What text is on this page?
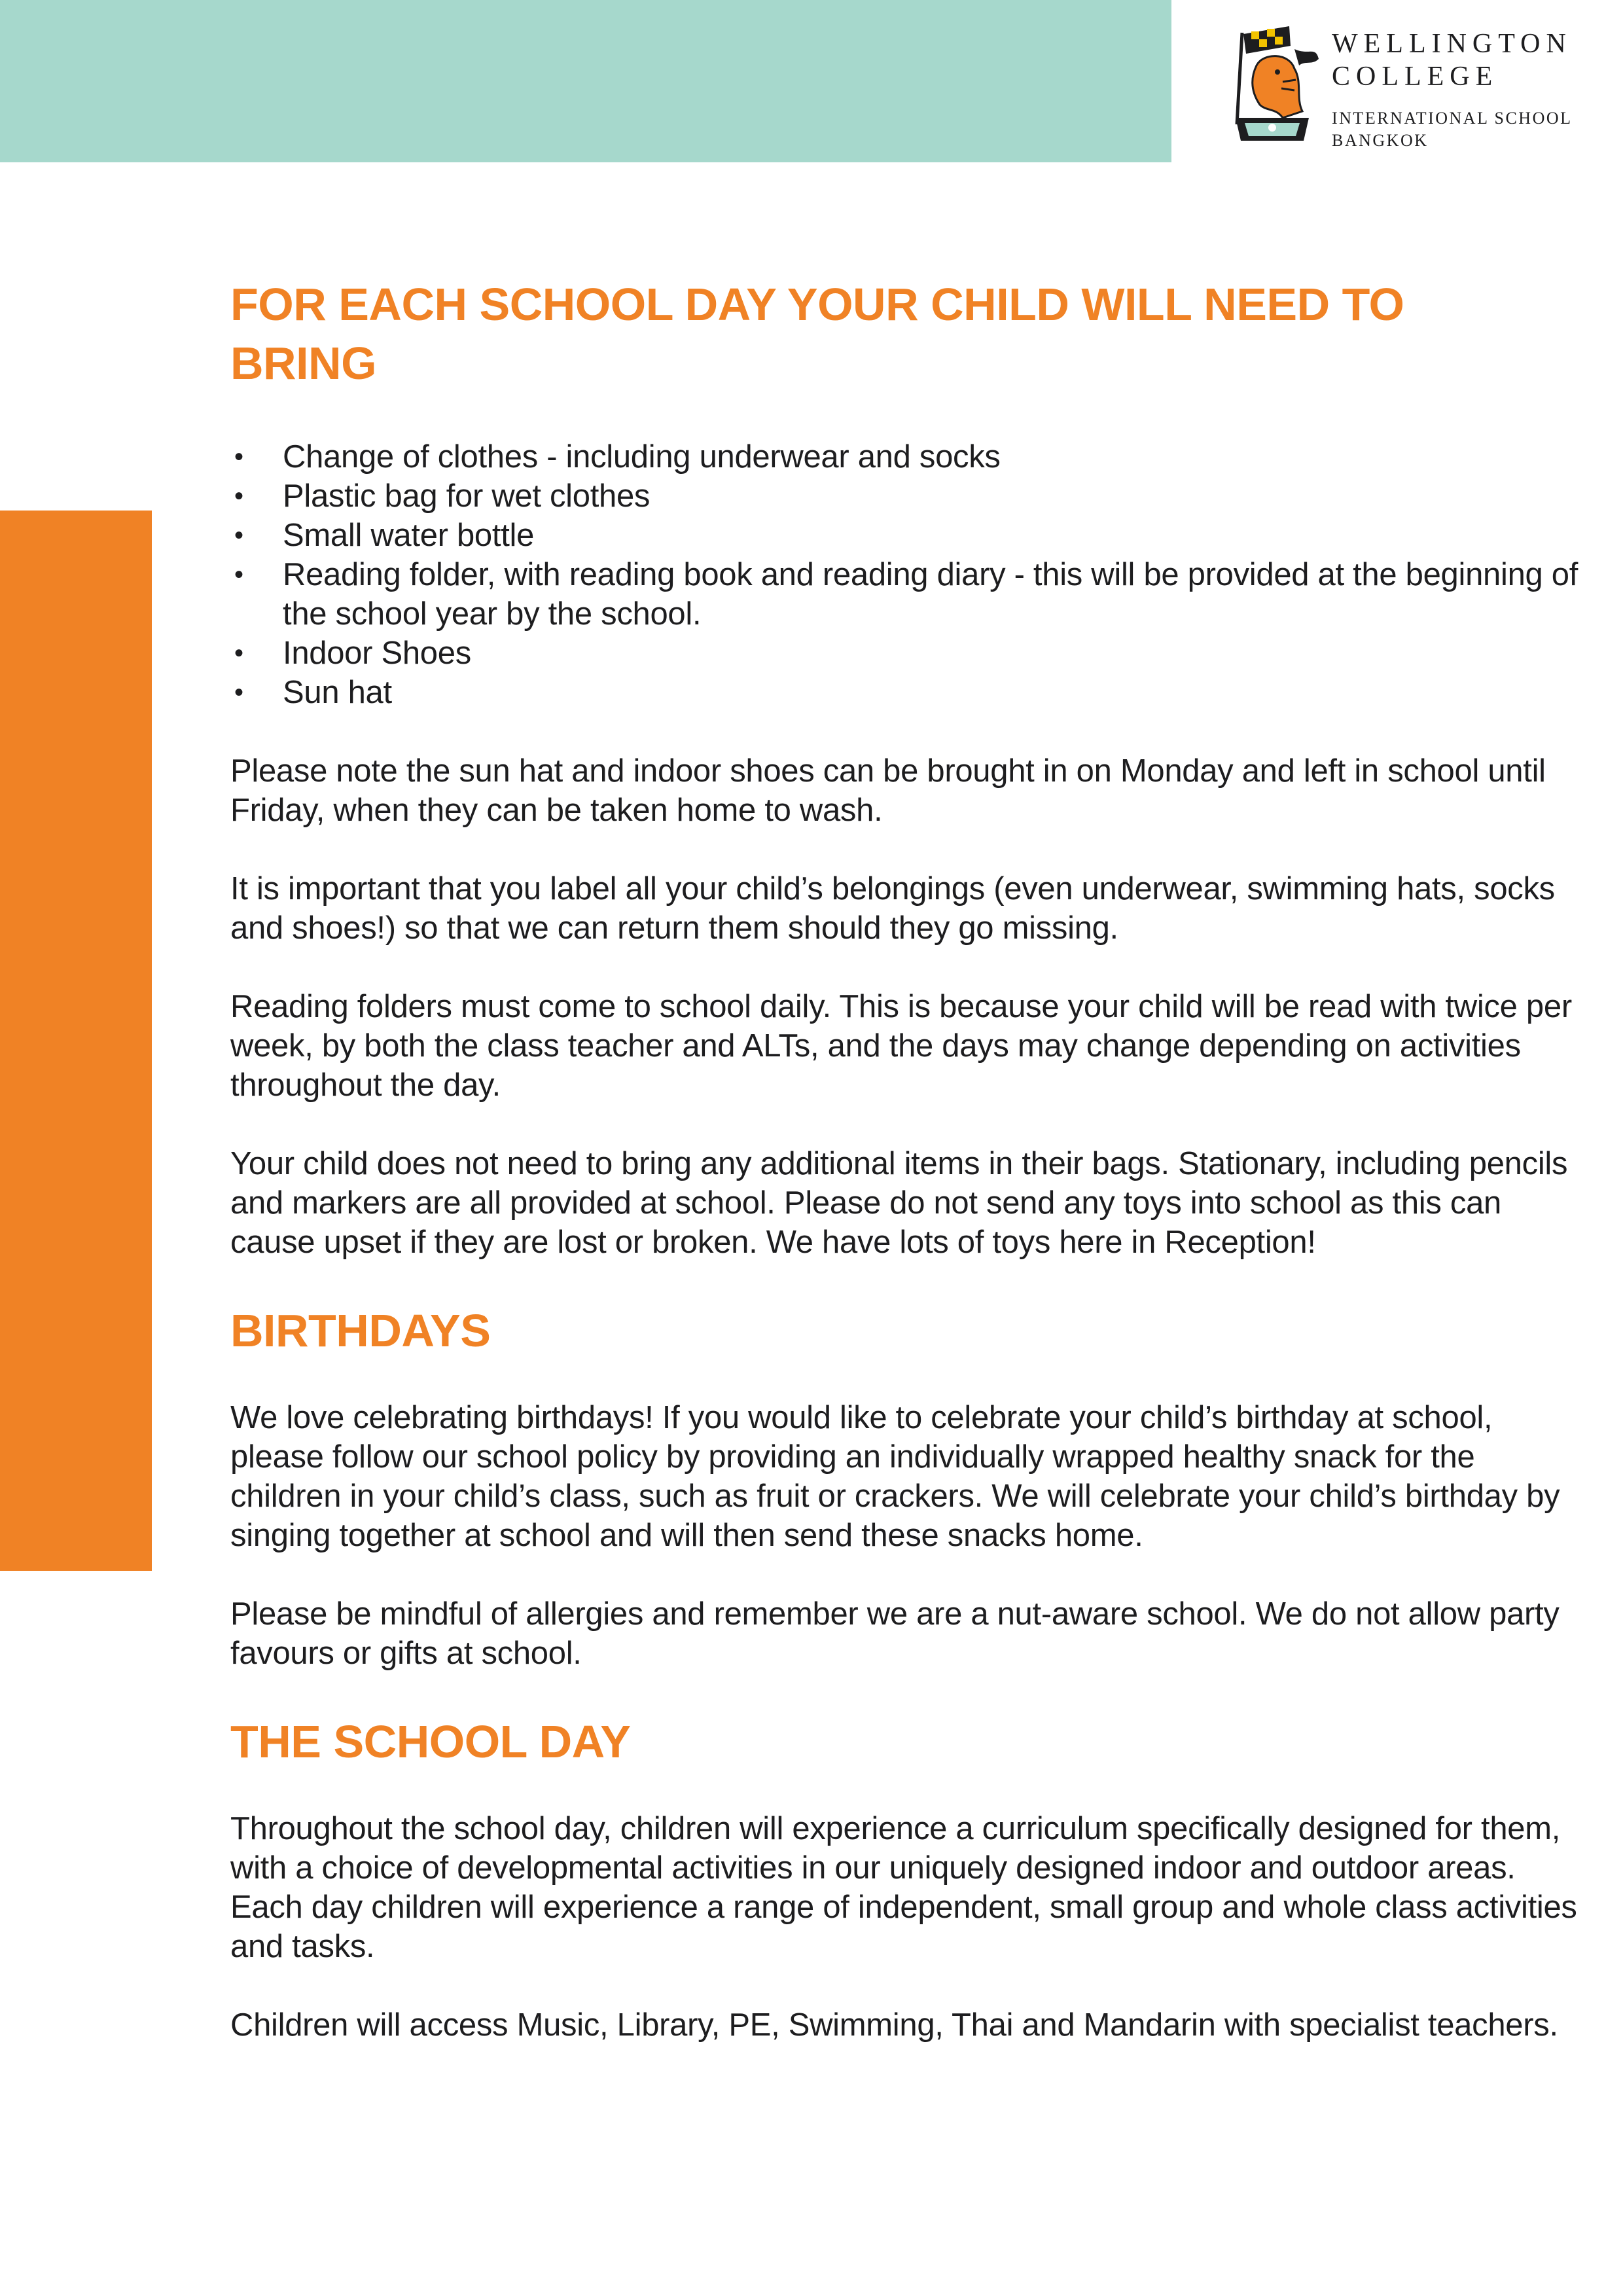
WELLINGTON
COLLEGE
INTERNATIONAL SCHOOL
BANGKOK
FOR EACH SCHOOL DAY YOUR CHILD WILL NEED TO BRING
• Change of clothes - including underwear and socks
• Plastic bag for wet clothes
• Small water bottle
• Reading folder, with reading book and reading diary - this will be provided at the beginning of the school year by the school.
• Indoor Shoes
• Sun hat

Please note the sun hat and indoor shoes can be brought in on Monday and left in school until Friday, when they can be taken home to wash.

It is important that you label all your child’s belongings (even underwear, swimming hats, socks and shoes!) so that we can return them should they go missing.

Reading folders must come to school daily. This is because your child will be read with twice per week, by both the class teacher and ALTs, and the days may change depending on activities throughout the day.

Your child does not need to bring any additional items in their bags. Stationary, including pencils and markers are all provided at school. Please do not send any toys into school as this can cause upset if they are lost or broken. We have lots of toys here in Reception!

BIRTHDAYS

We love celebrating birthdays! If you would like to celebrate your child’s birthday at school, please follow our school policy by providing an individually wrapped healthy snack for the children in your child’s class, such as fruit or crackers. We will celebrate your child’s birthday by singing together at school and will then send these snacks home.

Please be mindful of allergies and remember we are a nut-aware school. We do not allow party favours or gifts at school.

THE SCHOOL DAY

Throughout the school day, children will experience a curriculum specifically designed for them, with a choice of developmental activities in our uniquely designed indoor and outdoor areas. Each day children will experience a range of independent, small group and whole class activities and tasks.

Children will access Music, Library, PE, Swimming, Thai and Mandarin with specialist teachers.
